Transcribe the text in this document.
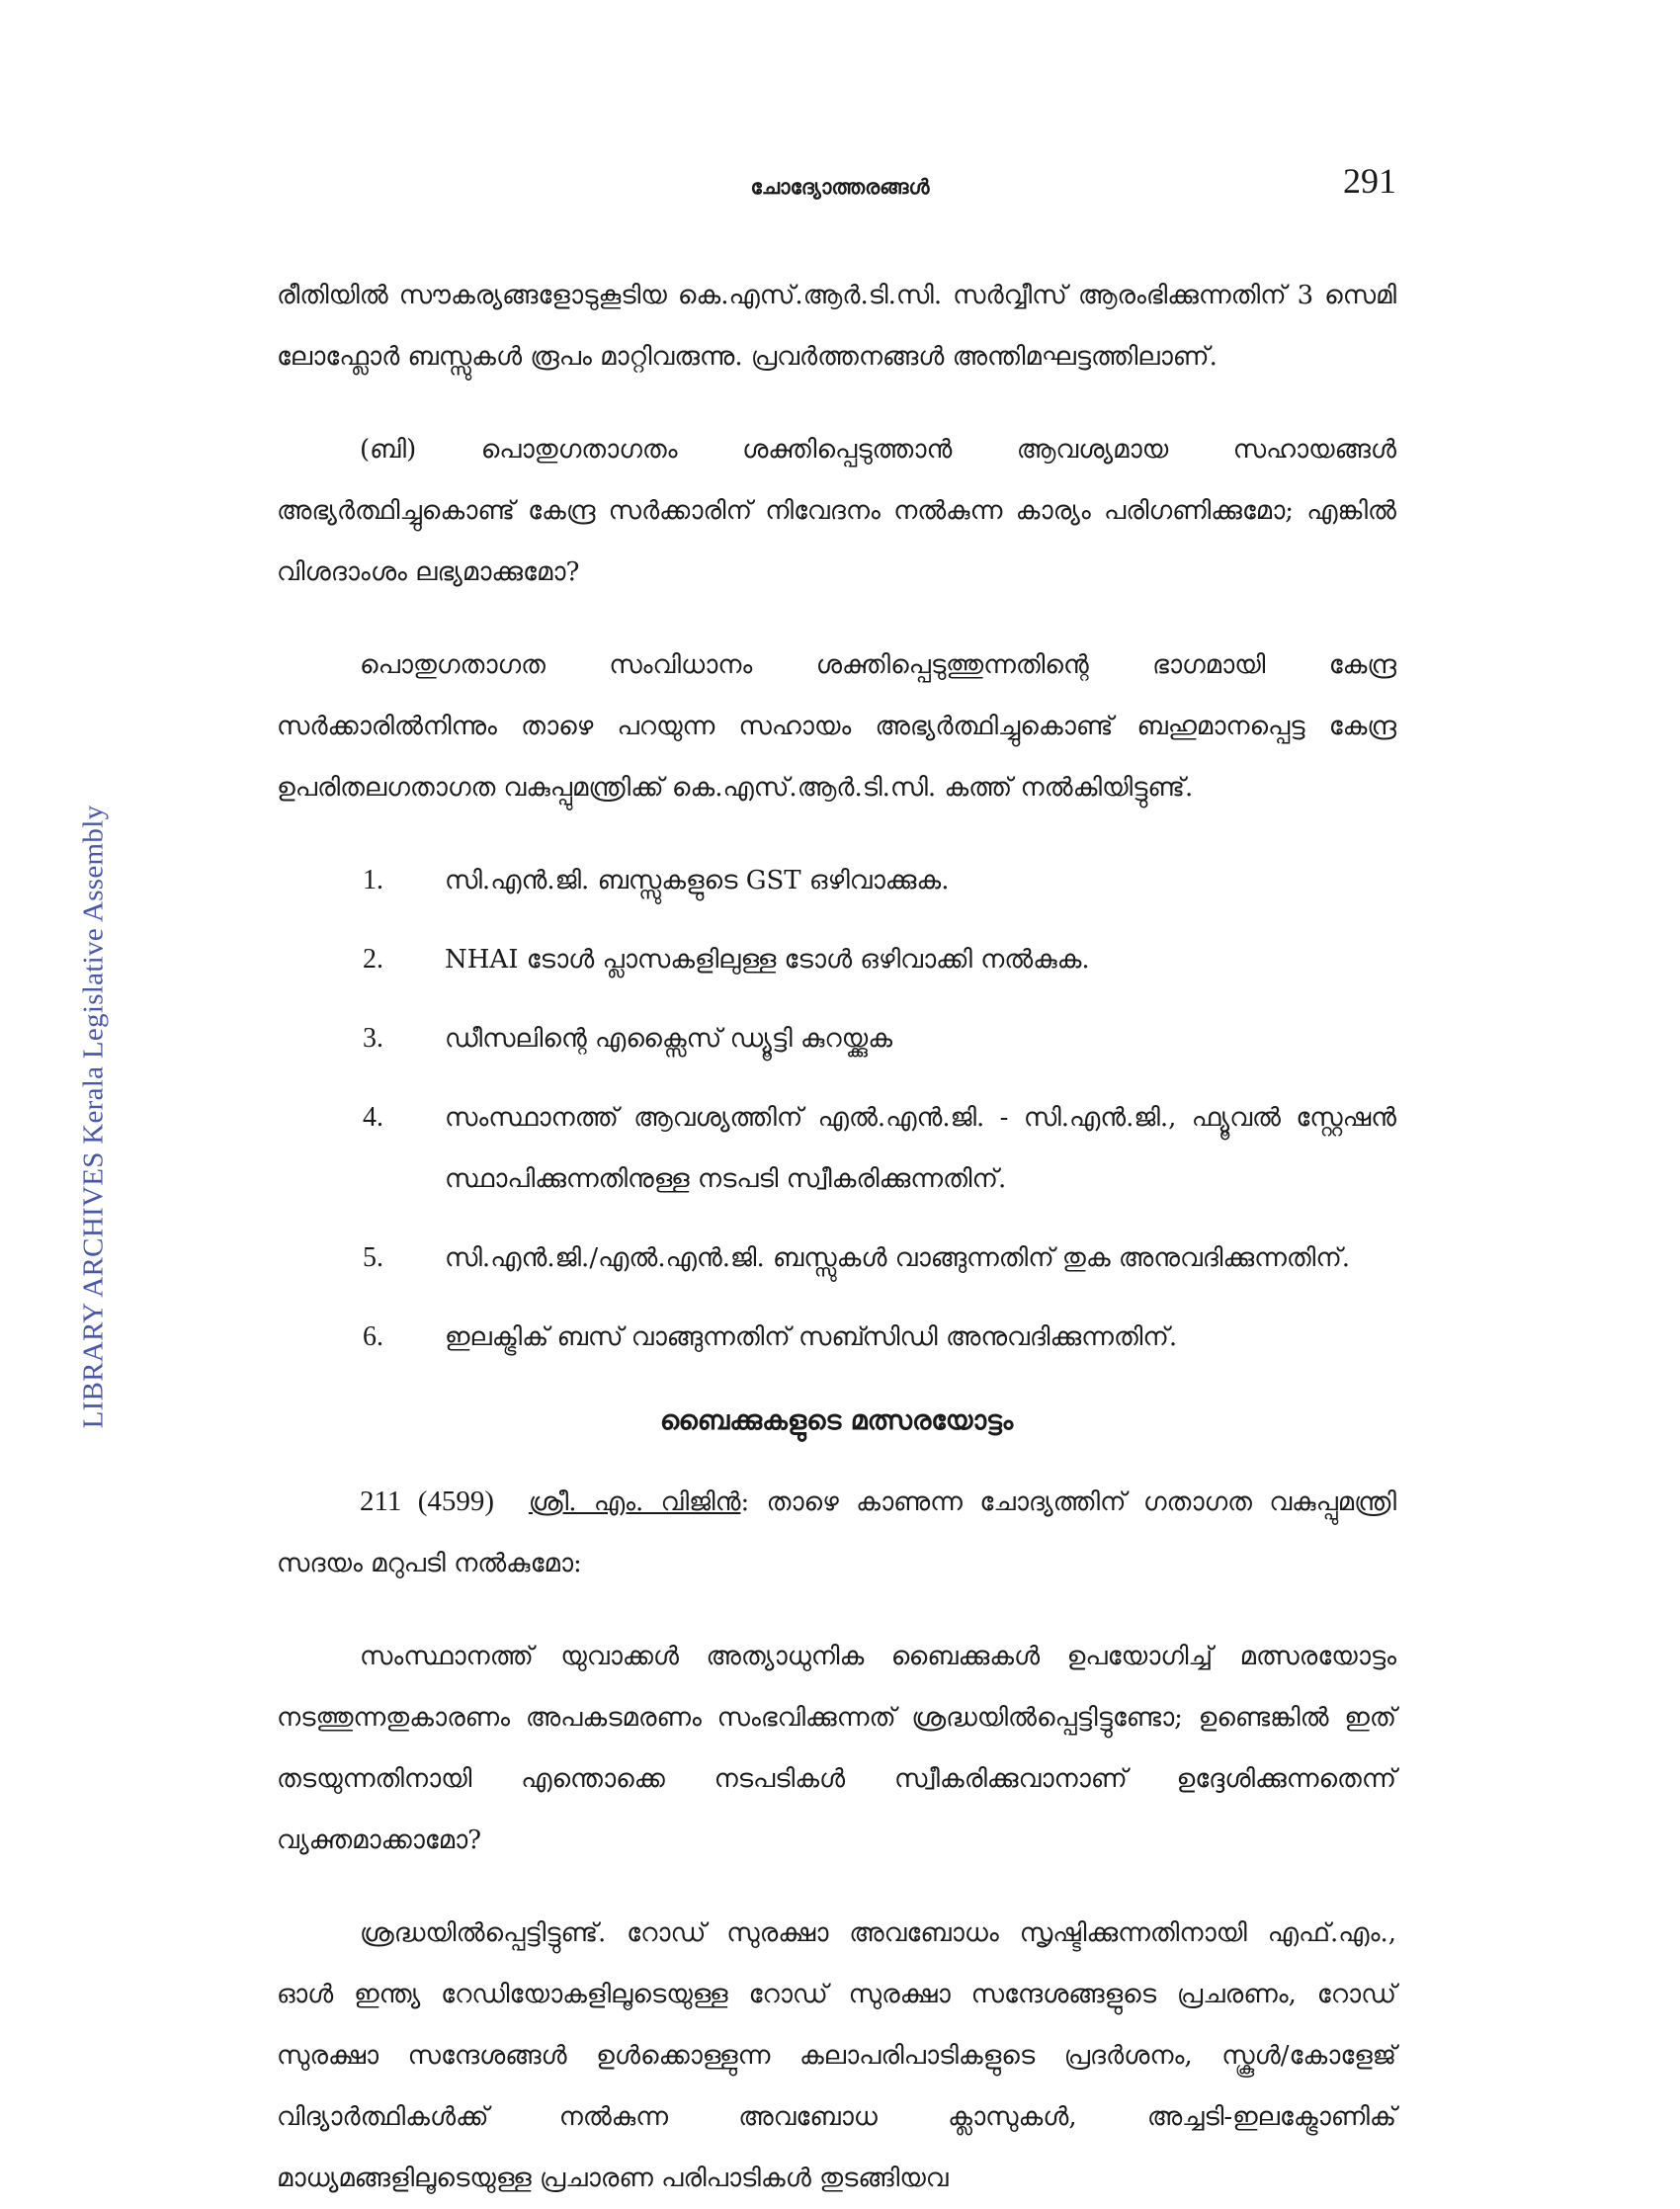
LIBRARY ARCHIVES Kerala Legislative Assembly
ചോദ്യോത്തരങ്ങൾ	291

രീതിയിൽ സൗകര്യങ്ങളോടുകൂടിയ കെ.എസ്.ആർ.ടി.സി. സർവ്വീസ് ആരംഭിക്കുന്നതിന് 3 സെമി ലോഫ്ലോർ ബസ്സുകൾ രൂപം മാറ്റിവരുന്നു. പ്രവർത്തനങ്ങൾ അന്തിമഘട്ടത്തിലാണ്.

(ബി) പൊതുഗതാഗതം ശക്തിപ്പെടുത്താൻ ആവശ്യമായ സഹായങ്ങൾ അഭ്യർത്ഥിച്ചുകൊണ്ട് കേന്ദ്ര സർക്കാരിന് നിവേദനം നൽകുന്ന കാര്യം പരിഗണിക്കുമോ; എങ്കിൽ വിശദാംശം ലഭ്യമാക്കുമോ?

പൊതുഗതാഗത സംവിധാനം ശക്തിപ്പെടുത്തുന്നതിന്റെ ഭാഗമായി കേന്ദ്ര സർക്കാരിൽനിന്നും താഴെ പറയുന്ന സഹായം അഭ്യർത്ഥിച്ചുകൊണ്ട് ബഹുമാനപ്പെട്ട കേന്ദ്ര ഉപരിതലഗതാഗത വകുപ്പുമന്ത്രിക്ക് കെ.എസ്.ആർ.ടി.സി. കത്ത് നൽകിയിട്ടുണ്ട്.

1.	സി.എൻ.ജി. ബസ്സുകളുടെ GST ഒഴിവാക്കുക.
2.	NHAI ടോൾ പ്ലാസകളിലുള്ള ടോൾ ഒഴിവാക്കി നൽകുക.
3.	ഡീസലിന്റെ എക്സൈസ് ഡ്യൂട്ടി കുറയ്ക്കുക
4.	സംസ്ഥാനത്ത് ആവശ്യത്തിന് എൽ.എൻ.ജി. - സി.എൻ.ജി., ഫ്യൂവൽ സ്റ്റേഷൻ സ്ഥാപിക്കുന്നതിനുള്ള നടപടി സ്വീകരിക്കുന്നതിന്.
5.	സി.എൻ.ജി./എൽ.എൻ.ജി. ബസ്സുകൾ വാങ്ങുന്നതിന് തുക അനുവദിക്കുന്നതിന്.
6.	ഇലക്ട്രിക് ബസ് വാങ്ങുന്നതിന് സബ്സിഡി അനുവദിക്കുന്നതിന്.
ബൈക്കുകളുടെ മത്സരയോട്ടം

211 (4599) ശ്രീ. എം. വിജിൻ: താഴെ കാണുന്ന ചോദ്യത്തിന് ഗതാഗത വകുപ്പുമന്ത്രി സദയം മറുപടി നൽകുമോ:

സംസ്ഥാനത്ത് യുവാക്കൾ അത്യാധുനിക ബൈക്കുകൾ ഉപയോഗിച്ച് മത്സരയോട്ടം നടത്തുന്നതുകാരണം അപകടമരണം സംഭവിക്കുന്നത് ശ്രദ്ധയിൽപ്പെട്ടിട്ടുണ്ടോ; ഉണ്ടെങ്കിൽ ഇത് തടയുന്നതിനായി എന്തൊക്കെ നടപടികൾ സ്വീകരിക്കുവാനാണ് ഉദ്ദേശിക്കുന്നതെന്ന് വ്യക്തമാക്കാമോ?

ശ്രദ്ധയിൽപ്പെട്ടിട്ടുണ്ട്. റോഡ് സുരക്ഷാ അവബോധം സൃഷ്ടിക്കുന്നതിനായി എഫ്.എം., ഓൾ ഇന്ത്യ റേഡിയോകളിലൂടെയുള്ള റോഡ് സുരക്ഷാ സന്ദേശങ്ങളുടെ പ്രചരണം, റോഡ് സുരക്ഷാ സന്ദേശങ്ങൾ ഉൾക്കൊള്ളുന്ന കലാപരിപാടികളുടെ പ്രദർശനം, സ്കൂൾ/കോളേജ് വിദ്യാർത്ഥികൾക്ക് നൽകുന്ന അവബോധ ക്ലാസുകൾ, അച്ചടി-ഇലക്ട്രോണിക് മാധ്യമങ്ങളിലൂടെയുള്ള പ്രചാരണ പരിപാടികൾ തുടങ്ങിയവ
